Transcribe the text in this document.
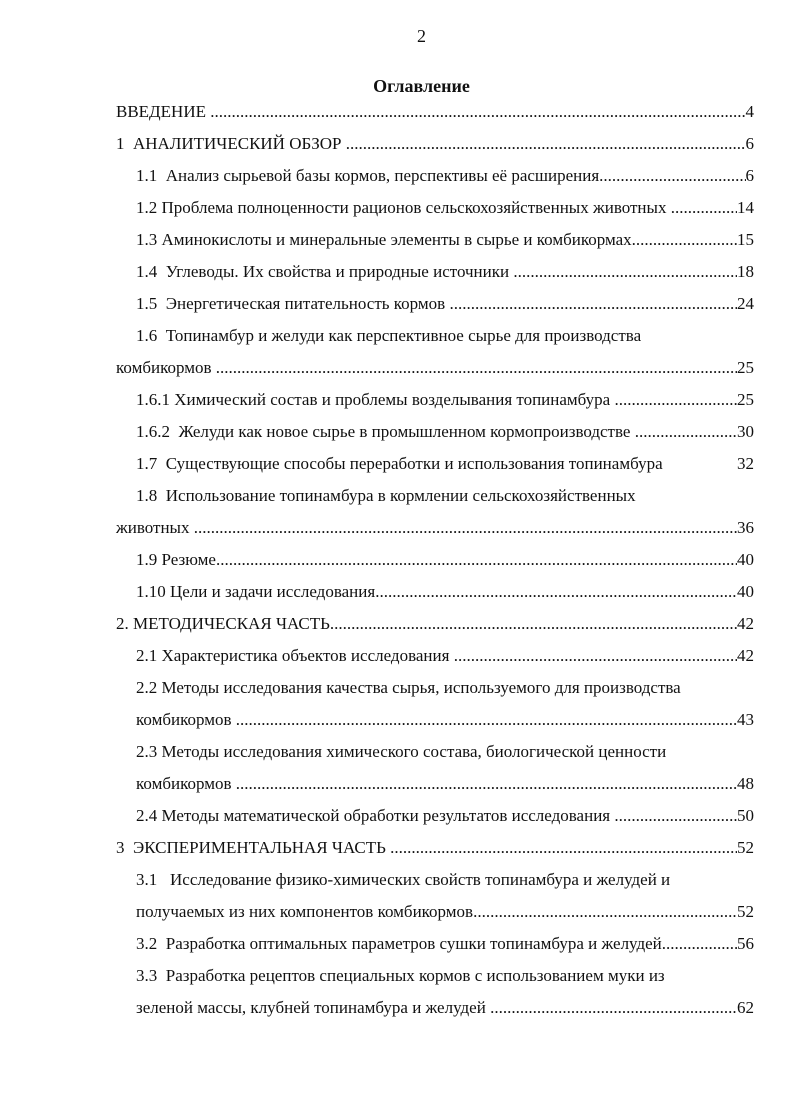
2
Оглавление
ВВЕДЕНИЕ .....	4
1  АНАЛИТИЧЕСКИЙ ОБЗОР .....	6
1.1  Анализ сырьевой базы кормов, перспективы её расширения .....	6
1.2 Проблема полноценности рационов сельскохозяйственных животных .....	14
1.3 Аминокислоты и минеральные элементы в сырье и комбикормах .....	15
1.4  Углеводы. Их свойства и природные источники .....	18
1.5  Энергетическая питательность кормов .....	24
1.6  Топинамбур и желуди как перспективное сырье для производства
комбикормов .....	25
1.6.1 Химический состав и проблемы возделывания топинамбура .....	25
1.6.2  Желуди как новое сырье в промышленном кормопроизводстве .....	30
1.7  Существующие способы переработки и использования топинамбура	32
1.8  Использование топинамбура в кормлении сельскохозяйственных
животных .....	36
1.9 Резюме .....	40
1.10 Цели и задачи исследования .....	40
2. МЕТОДИЧЕСКАЯ ЧАСТЬ .....	42
2.1 Характеристика объектов исследования .....	42
2.2 Методы исследования качества сырья, используемого для производства
комбикормов .....	43
2.3 Методы исследования химического состава, биологической ценности
комбикормов .....	48
2.4 Методы математической обработки результатов исследования .....	50
3  ЭКСПЕРИМЕНТАЛЬНАЯ ЧАСТЬ .....	52
3.1   Исследование физико-химических свойств топинамбура и желудей и
получаемых из них компонентов комбикормов .....	52
3.2  Разработка оптимальных параметров сушки топинамбура и желудей .....	56
3.3  Разработка рецептов специальных кормов с использованием муки из
зеленой массы, клубней топинамбура и желудей .....	62
